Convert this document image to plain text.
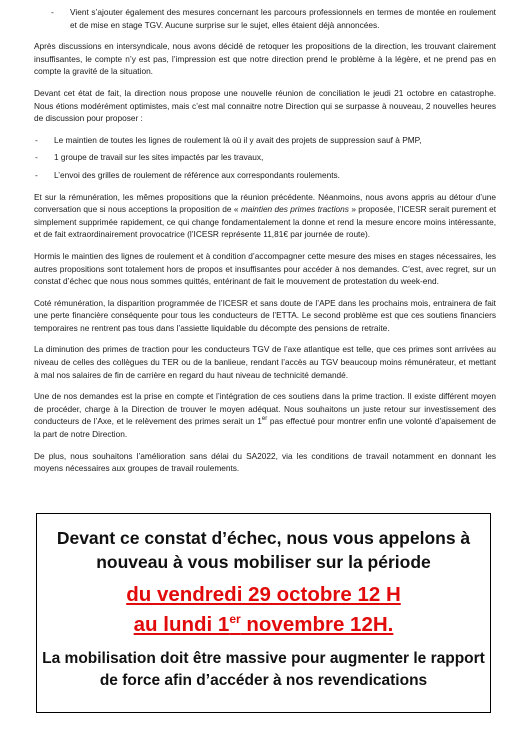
- Vient s’ajouter également des mesures concernant les parcours professionnels en termes de montée en roulement et de mise en stage TGV. Aucune surprise sur le sujet, elles étaient déjà annoncées.

Après discussions en intersyndicale, nous avons décidé de retoquer les propositions de la direction, les trouvant clairement insuffisantes, le compte n’y est pas, l’impression est que notre direction prend le problème à la légère, et ne prend pas en compte la gravité de la situation.

Devant cet état de fait, la direction nous propose une nouvelle réunion de conciliation le jeudi 21 octobre en catastrophe. Nous étions modérément optimistes, mais c’est mal connaitre notre Direction qui se surpasse à nouveau, 2 nouvelles heures de discussion pour proposer :

- Le maintien de toutes les lignes de roulement là où il y avait des projets de suppression sauf à PMP,
- 1 groupe de travail sur les sites impactés par les travaux,
- L’envoi des grilles de roulement de référence aux correspondants roulements.

Et sur la rémunération, les mêmes propositions que la réunion précédente. Néanmoins, nous avons appris au détour d’une conversation que si nous acceptions la proposition de « maintien des primes tractions » proposée, l’ICESR serait purement et simplement supprimée rapidement, ce qui change fondamentalement la donne et rend la mesure encore moins intéressante, et de fait extraordinairement provocatrice (l’ICESR représente 11,81€ par journée de route).

Hormis le maintien des lignes de roulement et à condition d’accompagner cette mesure des mises en stages nécessaires, les autres propositions sont totalement hors de propos et insuffisantes pour accéder à nos demandes. C’est, avec regret, sur un constat d’échec que nous nous sommes quittés, entérinant de fait le mouvement de protestation du week-end.

Coté rémunération, la disparition programmée de l’ICESR et sans doute de l’APE dans les prochains mois, entrainera de fait une perte financière conséquente pour tous les conducteurs de l’ETTA. Le second problème est que ces soutiens financiers temporaires ne rentrent pas tous dans l’assiette liquidable du décompte des pensions de retraite.

La diminution des primes de traction pour les conducteurs TGV de l’axe atlantique est telle, que ces primes sont arrivées au niveau de celles des collègues du TER ou de la banlieue, rendant l’accès au TGV beaucoup moins rémunérateur, et mettant à mal nos salaires de fin de carrière en regard du haut niveau de technicité demandé.

Une de nos demandes est la prise en compte et l’intégration de ces soutiens dans la prime traction. Il existe différent moyen de procéder, charge à la Direction de trouver le moyen adéquat. Nous souhaitons un juste retour sur investissement des conducteurs de l’Axe, et le relèvement des primes serait un 1er pas effectué pour montrer enfin une volonté d’apaisement de la part de notre Direction.

De plus, nous souhaitons l’amélioration sans délai du SA2022, via les conditions de travail notamment en donnant les moyens nécessaires aux groupes de travail roulements.

Devant ce constat d’échec, nous vous appelons à nouveau à vous mobiliser sur la période
du vendredi 29 octobre 12 H
au lundi 1er novembre 12H.
La mobilisation doit être massive pour augmenter le rapport de force afin d’accéder à nos revendications
